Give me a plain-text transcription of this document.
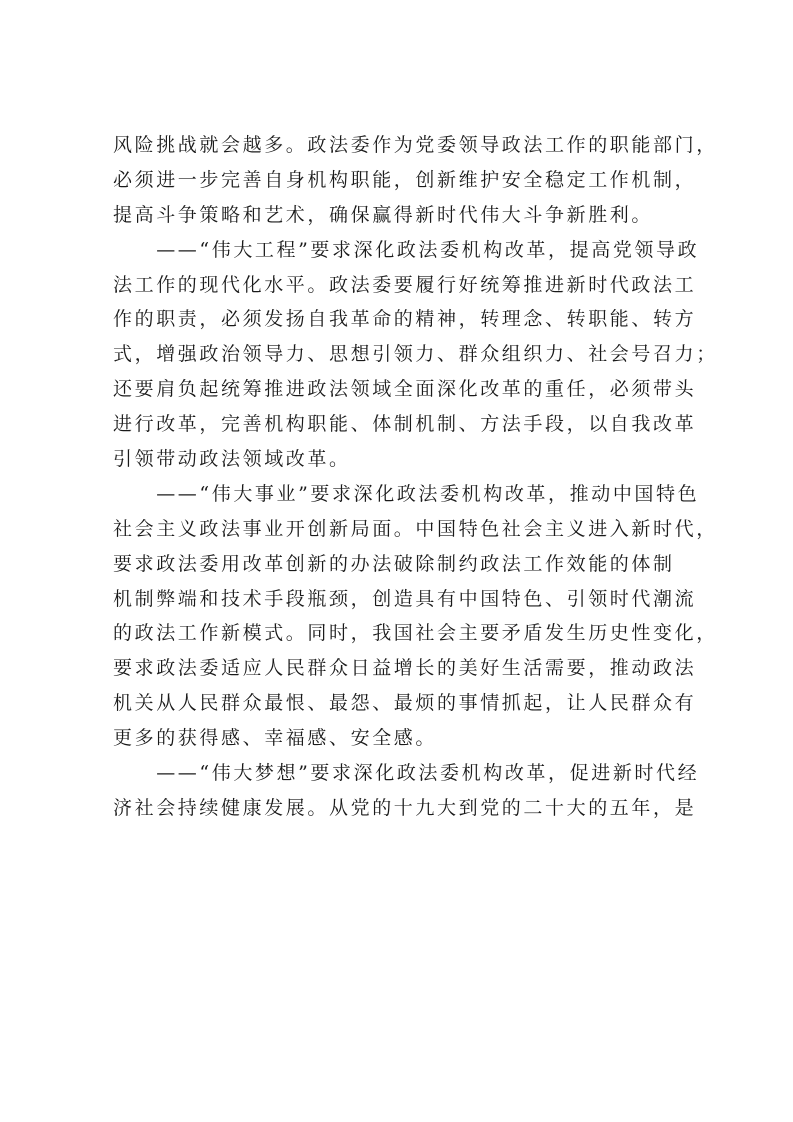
风险挑战就会越多。政法委作为党委领导政法工作的职能部门，
必须进一步完善自身机构职能，创新维护安全稳定工作机制，
提高斗争策略和艺术，确保赢得新时代伟大斗争新胜利。
　　——“伟大工程”要求深化政法委机构改革，提高党领导政
法工作的现代化水平。政法委要履行好统筹推进新时代政法工
作的职责，必须发扬自我革命的精神，转理念、转职能、转方
式，增强政治领导力、思想引领力、群众组织力、社会号召力；
还要肩负起统筹推进政法领域全面深化改革的重任，必须带头
进行改革，完善机构职能、体制机制、方法手段，以自我改革
引领带动政法领域改革。
　　——“伟大事业”要求深化政法委机构改革，推动中国特色
社会主义政法事业开创新局面。中国特色社会主义进入新时代，
要求政法委用改革创新的办法破除制约政法工作效能的体制
机制弊端和技术手段瓶颈，创造具有中国特色、引领时代潮流
的政法工作新模式。同时，我国社会主要矛盾发生历史性变化，
要求政法委适应人民群众日益增长的美好生活需要，推动政法
机关从人民群众最恨、最怨、最烦的事情抓起，让人民群众有
更多的获得感、幸福感、安全感。
　　——“伟大梦想”要求深化政法委机构改革，促进新时代经
济社会持续健康发展。从党的十九大到党的二十大的五年，是
